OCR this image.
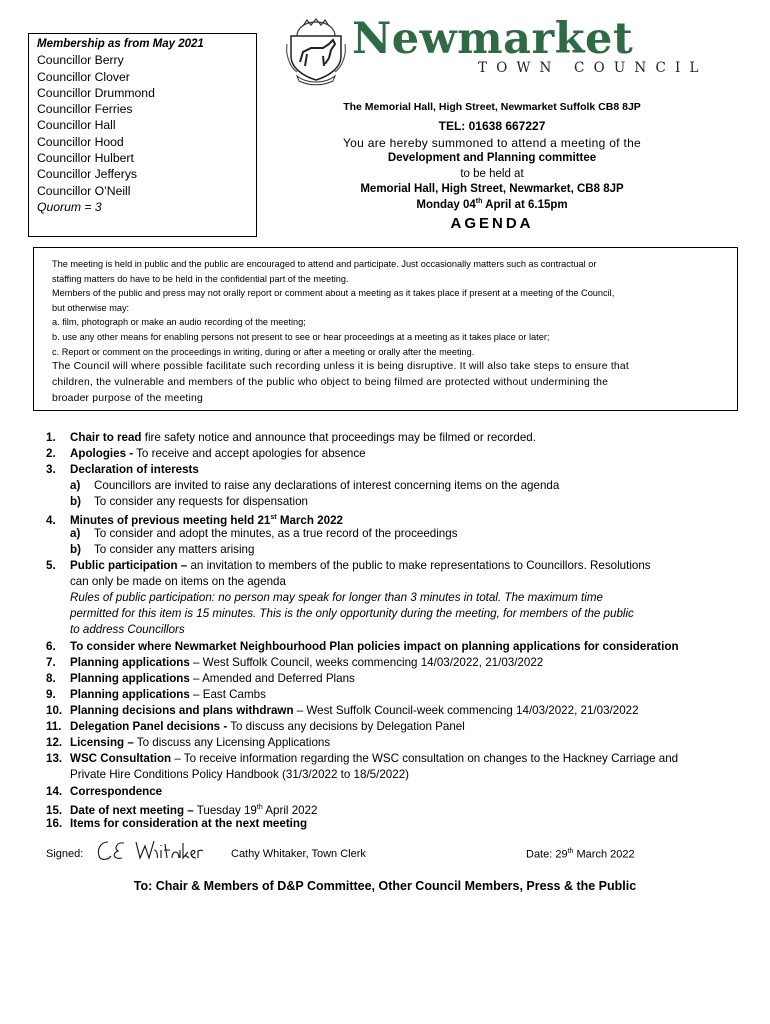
Membership as from May 2021
Councillor Berry
Councillor Clover
Councillor Drummond
Councillor Ferries
Councillor Hall
Councillor Hood
Councillor Hulbert
Councillor Jefferys
Councillor O’Neill
Quorum = 3
Newmarket
TOWN COUNCIL
The Memorial Hall, High Street, Newmarket Suffolk CB8 8JP
TEL: 01638 667227
You are hereby summoned to attend a meeting of the
Development and Planning committee
to be held at
Memorial Hall, High Street, Newmarket, CB8 8JP
Monday 04th April at 6.15pm
AGENDA
The meeting is held in public and the public are encouraged to attend and participate. Just occasionally matters such as contractual or
staffing matters do have to be held in the confidential part of the meeting.
Members of the public and press may not orally report or comment about a meeting as it takes place if present at a meeting of the Council,
but otherwise may:
a. film, photograph or make an audio recording of the meeting;
b. use any other means for enabling persons not present to see or hear proceedings at a meeting as it takes place or later;
c. Report or comment on the proceedings in writing, during or after a meeting or orally after the meeting.
The Council will where possible facilitate such recording unless it is being disruptive. It will also take steps to ensure that
children, the vulnerable and members of the public who object to being filmed are protected without undermining the
broader purpose of the meeting
1. Chair to read fire safety notice and announce that proceedings may be filmed or recorded.
2. Apologies - To receive and accept apologies for absence
3. Declaration of interests
a) Councillors are invited to raise any declarations of interest concerning items on the agenda
b) To consider any requests for dispensation
4. Minutes of previous meeting held 21st March 2022
a) To consider and adopt the minutes, as a true record of the proceedings
b) To consider any matters arising
5. Public participation – an invitation to members of the public to make representations to Councillors. Resolutions
can only be made on items on the agenda
Rules of public participation: no person may speak for longer than 3 minutes in total. The maximum time
permitted for this item is 15 minutes. This is the only opportunity during the meeting, for members of the public
to address Councillors
6. To consider where Newmarket Neighbourhood Plan policies impact on planning applications for consideration
7. Planning applications – West Suffolk Council, weeks commencing 14/03/2022, 21/03/2022
8. Planning applications – Amended and Deferred Plans
9. Planning applications – East Cambs
10. Planning decisions and plans withdrawn – West Suffolk Council-week commencing 14/03/2022, 21/03/2022
11. Delegation Panel decisions - To discuss any decisions by Delegation Panel
12. Licensing – To discuss any Licensing Applications
13. WSC Consultation – To receive information regarding the WSC consultation on changes to the Hackney Carriage and
Private Hire Conditions Policy Handbook (31/3/2022 to 18/5/2022)
14. Correspondence
15. Date of next meeting – Tuesday 19th April 2022
16. Items for consideration at the next meeting
Signed:	Cathy Whitaker, Town Clerk	Date: 29th March 2022
To: Chair & Members of D&P Committee, Other Council Members, Press & the Public
